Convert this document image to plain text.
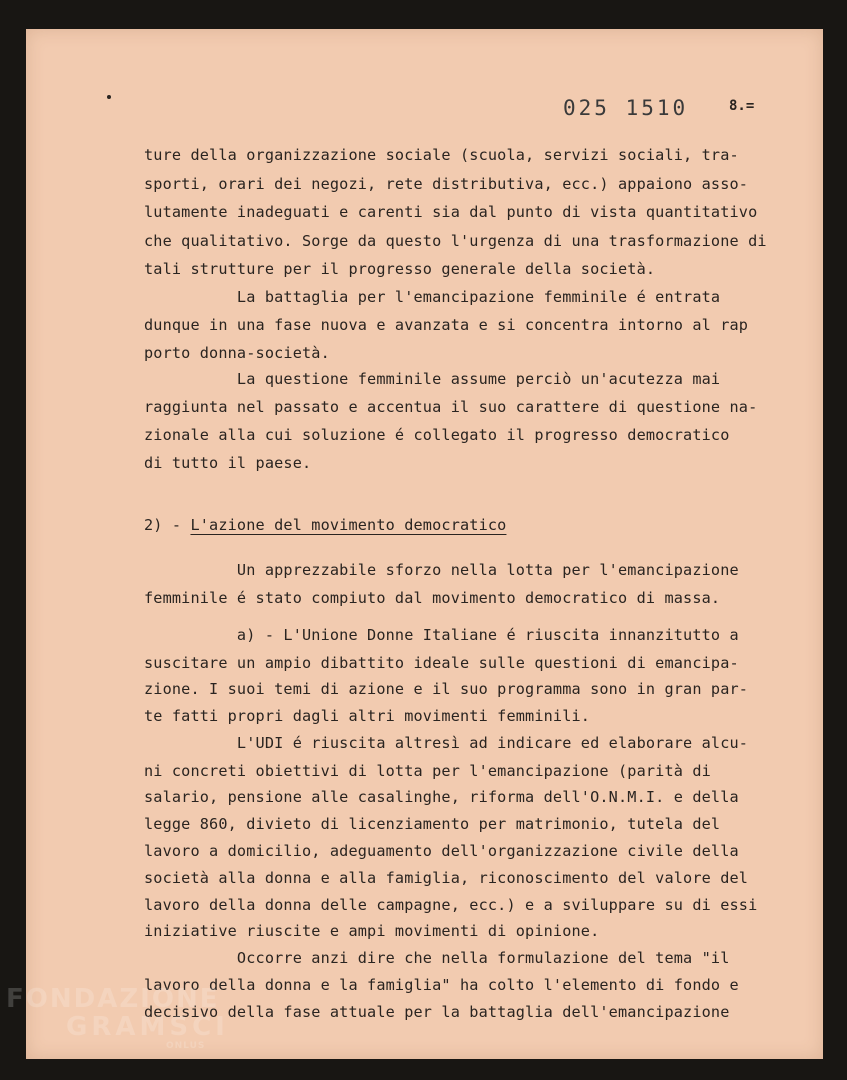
025 1510	8.=
ture della organizzazione sociale (scuola, servizi sociali, tra-
sporti, orari dei negozi, rete distributiva, ecc.) appaiono asso-
lutamente inadeguati e carenti sia dal punto di vista quantitativo
che qualitativo. Sorge da questo l'urgenza di una trasformazione di
tali strutture per il progresso generale della società.
La battaglia per l'emancipazione femminile é entrata
dunque in una fase nuova e avanzata e si concentra intorno al rap
porto donna-società.
La questione femminile assume perciò un'acutezza mai
raggiunta nel passato e accentua il suo carattere di questione na-
zionale alla cui soluzione é collegato il progresso democratico
di tutto il paese.
2) - L'azione del movimento democratico
Un apprezzabile sforzo nella lotta per l'emancipazione
femminile é stato compiuto dal movimento democratico di massa.
a) - L'Unione Donne Italiane é riuscita innanzitutto a
suscitare un ampio dibattito ideale sulle questioni di emancipa-
zione. I suoi temi di azione e il suo programma sono in gran par-
te fatti propri dagli altri movimenti femminili.
L'UDI é riuscita altresì ad indicare ed elaborare alcu-
ni concreti obiettivi di lotta per l'emancipazione (parità di
salario, pensione alle casalinghe, riforma dell'O.N.M.I. e della
legge 860, divieto di licenziamento per matrimonio, tutela del
lavoro a domicilio, adeguamento dell'organizzazione civile della
società alla donna e alla famiglia, riconoscimento del valore del
lavoro della donna delle campagne, ecc.) e a sviluppare su di essi
iniziative riuscite e ampi movimenti di opinione.
Occorre anzi dire che nella formulazione del tema "il
lavoro della donna e la famiglia" ha colto l'elemento di fondo e
decisivo della fase attuale per la battaglia dell'emancipazione
FONDAZIONE
GRAMSCI
ONLUS
